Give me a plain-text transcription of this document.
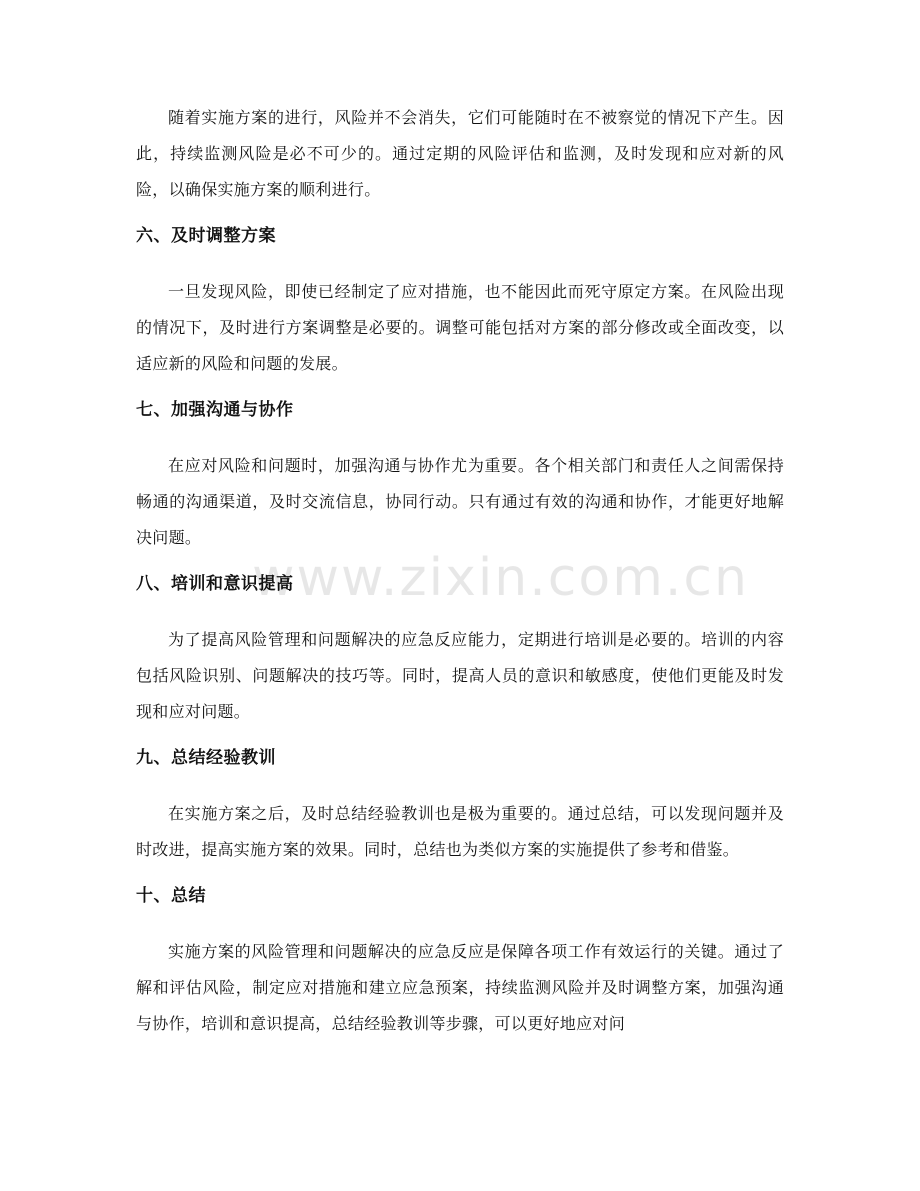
随着实施方案的进行，风险并不会消失，它们可能随时在不被察觉的情况下产生。因此，持续监测风险是必不可少的。通过定期的风险评估和监测，及时发现和应对新的风险，以确保实施方案的顺利进行。

六、及时调整方案

一旦发现风险，即使已经制定了应对措施，也不能因此而死守原定方案。在风险出现的情况下，及时进行方案调整是必要的。调整可能包括对方案的部分修改或全面改变，以适应新的风险和问题的发展。

七、加强沟通与协作

在应对风险和问题时，加强沟通与协作尤为重要。各个相关部门和责任人之间需保持畅通的沟通渠道，及时交流信息，协同行动。只有通过有效的沟通和协作，才能更好地解决问题。

八、培训和意识提高

为了提高风险管理和问题解决的应急反应能力，定期进行培训是必要的。培训的内容包括风险识别、问题解决的技巧等。同时，提高人员的意识和敏感度，使他们更能及时发现和应对问题。

九、总结经验教训

在实施方案之后，及时总结经验教训也是极为重要的。通过总结，可以发现问题并及时改进，提高实施方案的效果。同时，总结也为类似方案的实施提供了参考和借鉴。

十、总结

实施方案的风险管理和问题解决的应急反应是保障各项工作有效运行的关键。通过了解和评估风险，制定应对措施和建立应急预案，持续监测风险并及时调整方案，加强沟通与协作，培训和意识提高，总结经验教训等步骤，可以更好地应对问

www.zixin.com.cn
